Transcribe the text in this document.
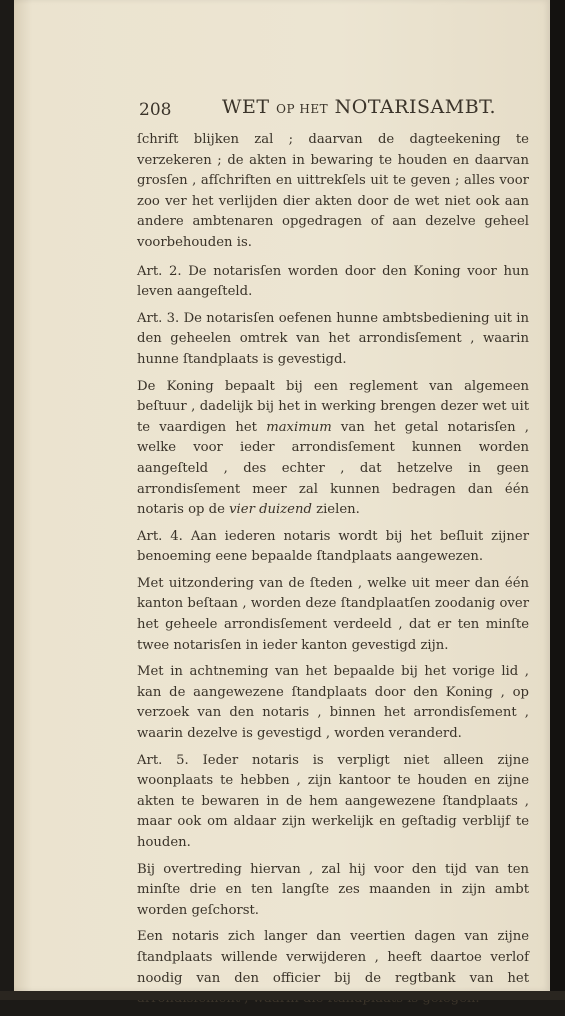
208	WET OP HET NOTARISAMBT.

ſchrift blijken zal ; daarvan de dagteekening te verzekeren ; de akten in bewaring te houden en daarvan grosſen , afſchriften en uittrekſels uit te geven ; alles voor zoo ver het verlijden dier akten door de wet niet ook aan andere ambtenaren opgedragen of aan dezelve geheel voorbehouden is.

Art. 2. De notarisſen worden door den Koning voor hun leven aangeſteld.

Art. 3. De notarisſen oefenen hunne ambtsbediening uit in den geheelen omtrek van het arrondisſement , waarin hunne ſtandplaats is gevestigd.

De Koning bepaalt bij een reglement van algemeen beſtuur , dadelijk bij het in werking brengen dezer wet uit te vaardigen het maximum van het getal notarisſen , welke voor ieder arrondisſement kunnen worden aangeſteld , des echter , dat hetzelve in geen arrondisſement meer zal kunnen bedragen dan één notaris op de vier duizend zielen.

Art. 4. Aan iederen notaris wordt bij het beſluit zijner benoeming eene bepaalde ſtandplaats aangewezen.

Met uitzondering van de ſteden , welke uit meer dan één kanton beſtaan , worden deze ſtandplaatſen zoodanig over het geheele arrondisſement verdeeld , dat er ten minſte twee notarisſen in ieder kanton gevestigd zijn.

Met in achtneming van het bepaalde bij het vorige lid , kan de aangewezene ſtandplaats door den Koning , op verzoek van den notaris , binnen het arrondisſement , waarin dezelve is gevestigd , worden veranderd.

Art. 5. Ieder notaris is verpligt niet alleen zijne woonplaats te hebben , zijn kantoor te houden en zijne akten te bewaren in de hem aangewezene ſtandplaats , maar ook om aldaar zijn werkelijk en geſtadig verblijf te houden.

Bij overtreding hiervan , zal hij voor den tijd van ten minſte drie en ten langſte zes maanden in zijn ambt worden geſchorst.

Een notaris zich langer dan veertien dagen van zijne ſtandplaats willende verwijderen , heeft daartoe verlof noodig van den officier bij de regtbank van het arrondisſement , waarin die ſtandplaats is gelegen.
